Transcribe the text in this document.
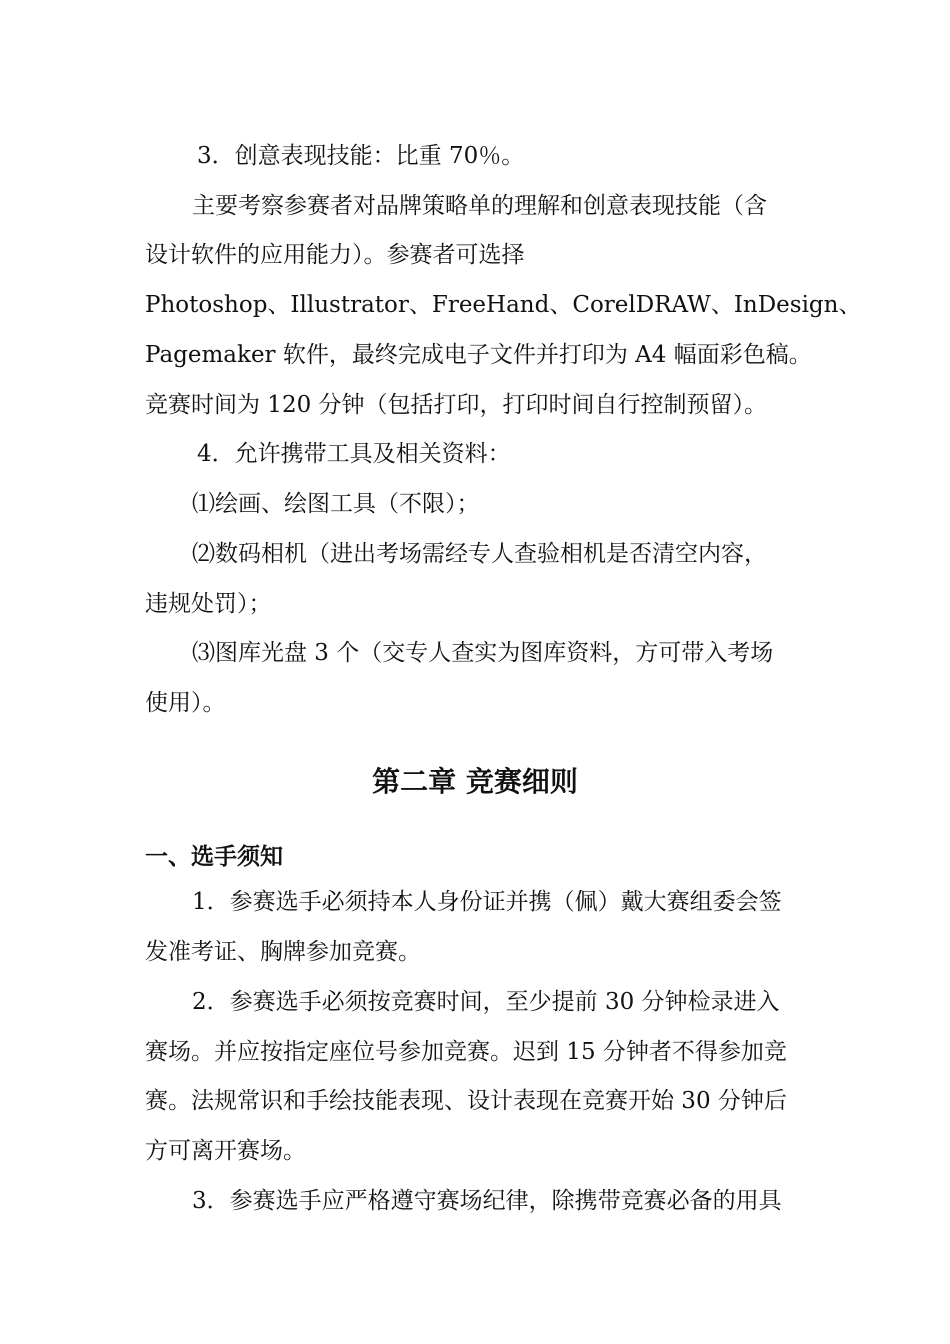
3．创意表现技能：比重 70％。
主要考察参赛者对品牌策略单的理解和创意表现技能（含
设计软件的应用能力）。参赛者可选择
Photoshop、Illustrator、FreeHand、CorelDRAW、InDesign、
Pagemaker 软件，最终完成电子文件并打印为 A4 幅面彩色稿。
竞赛时间为 120 分钟（包括打印，打印时间自行控制预留）。
4．允许携带工具及相关资料：
⑴绘画、绘图工具（不限）；
⑵数码相机（进出考场需经专人查验相机是否清空内容，
违规处罚）；
⑶图库光盘 3 个（交专人查实为图库资料，方可带入考场
使用）。
第二章 竞赛细则
一、选手须知
1．参赛选手必须持本人身份证并携（佩）戴大赛组委会签
发准考证、胸牌参加竞赛。
2．参赛选手必须按竞赛时间，至少提前 30 分钟检录进入
赛场。并应按指定座位号参加竞赛。迟到 15 分钟者不得参加竞
赛。法规常识和手绘技能表现、设计表现在竞赛开始 30 分钟后
方可离开赛场。
3．参赛选手应严格遵守赛场纪律，除携带竞赛必备的用具
